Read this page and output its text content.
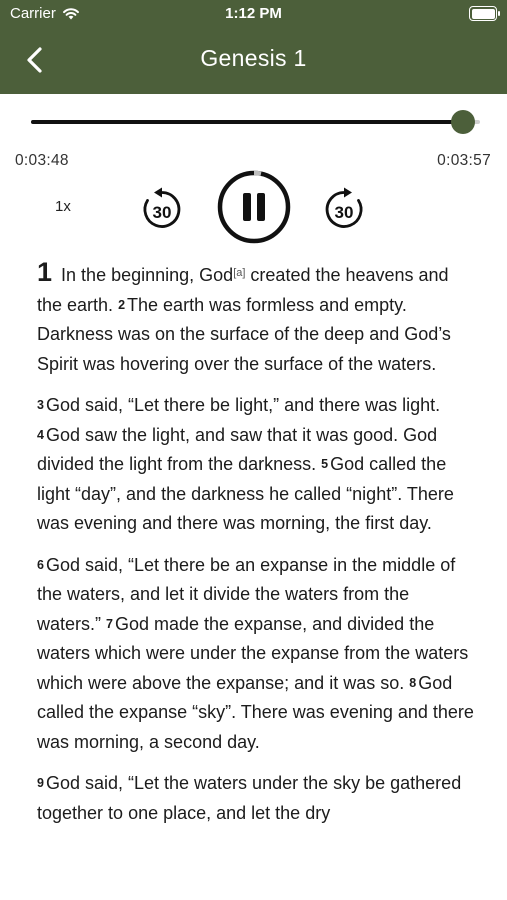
Carrier	1:12 PM
Genesis 1
0:03:48	0:03:57
1x	30	30

1 In the beginning, God[a] created the heavens and the earth. 2 The earth was formless and empty. Darkness was on the surface of the deep and God’s Spirit was hovering over the surface of the waters.

3 God said, “Let there be light,” and there was light. 4 God saw the light, and saw that it was good. God divided the light from the darkness. 5 God called the light “day”, and the darkness he called “night”. There was evening and there was morning, the first day.

6 God said, “Let there be an expanse in the middle of the waters, and let it divide the waters from the waters.” 7 God made the expanse, and divided the waters which were under the expanse from the waters which were above the expanse; and it was so. 8 God called the expanse “sky”. There was evening and there was morning, a second day.

9 God said, “Let the waters under the sky be gathered together to one place, and let the dry
